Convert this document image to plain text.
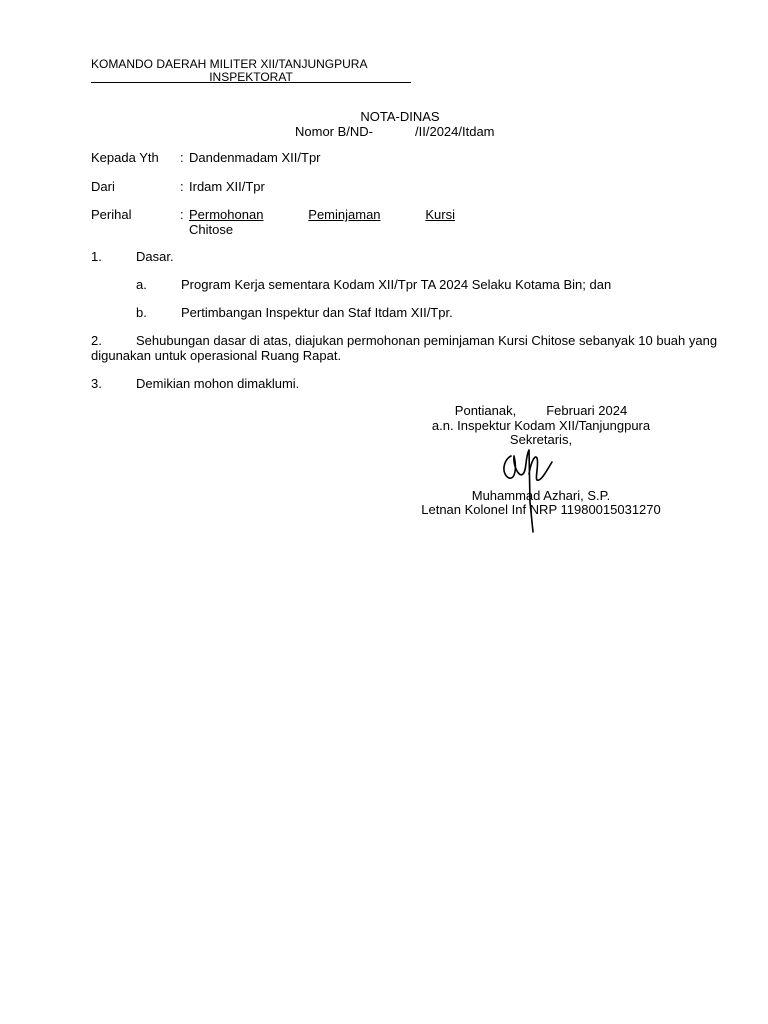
KOMANDO DAERAH MILITER XII/TANJUNGPURA
INSPEKTORAT
NOTA-DINAS
Nomor B/ND-	/II/2024/Itdam
Kepada Yth : Dandenmadam XII/Tpr
Dari	: Irdam XII/Tpr
Perihal	: Permohonan	Peminjaman	Kursi
Chitose
1.	Dasar.
a.	Program Kerja sementara Kodam XII/Tpr TA 2024 Selaku Kotama Bin; dan
b.	Pertimbangan Inspektur dan Staf Itdam XII/Tpr.
2.	Sehubungan dasar di atas, diajukan permohonan peminjaman Kursi Chitose sebanyak 10 buah yang digunakan untuk operasional Ruang Rapat.
3.	Demikian mohon dimaklumi.
Pontianak, Februari 2024
a.n. Inspektur Kodam XII/Tanjungpura
Sekretaris,
Muhammad Azhari, S.P.
Letnan Kolonel Inf NRP 11980015031270
